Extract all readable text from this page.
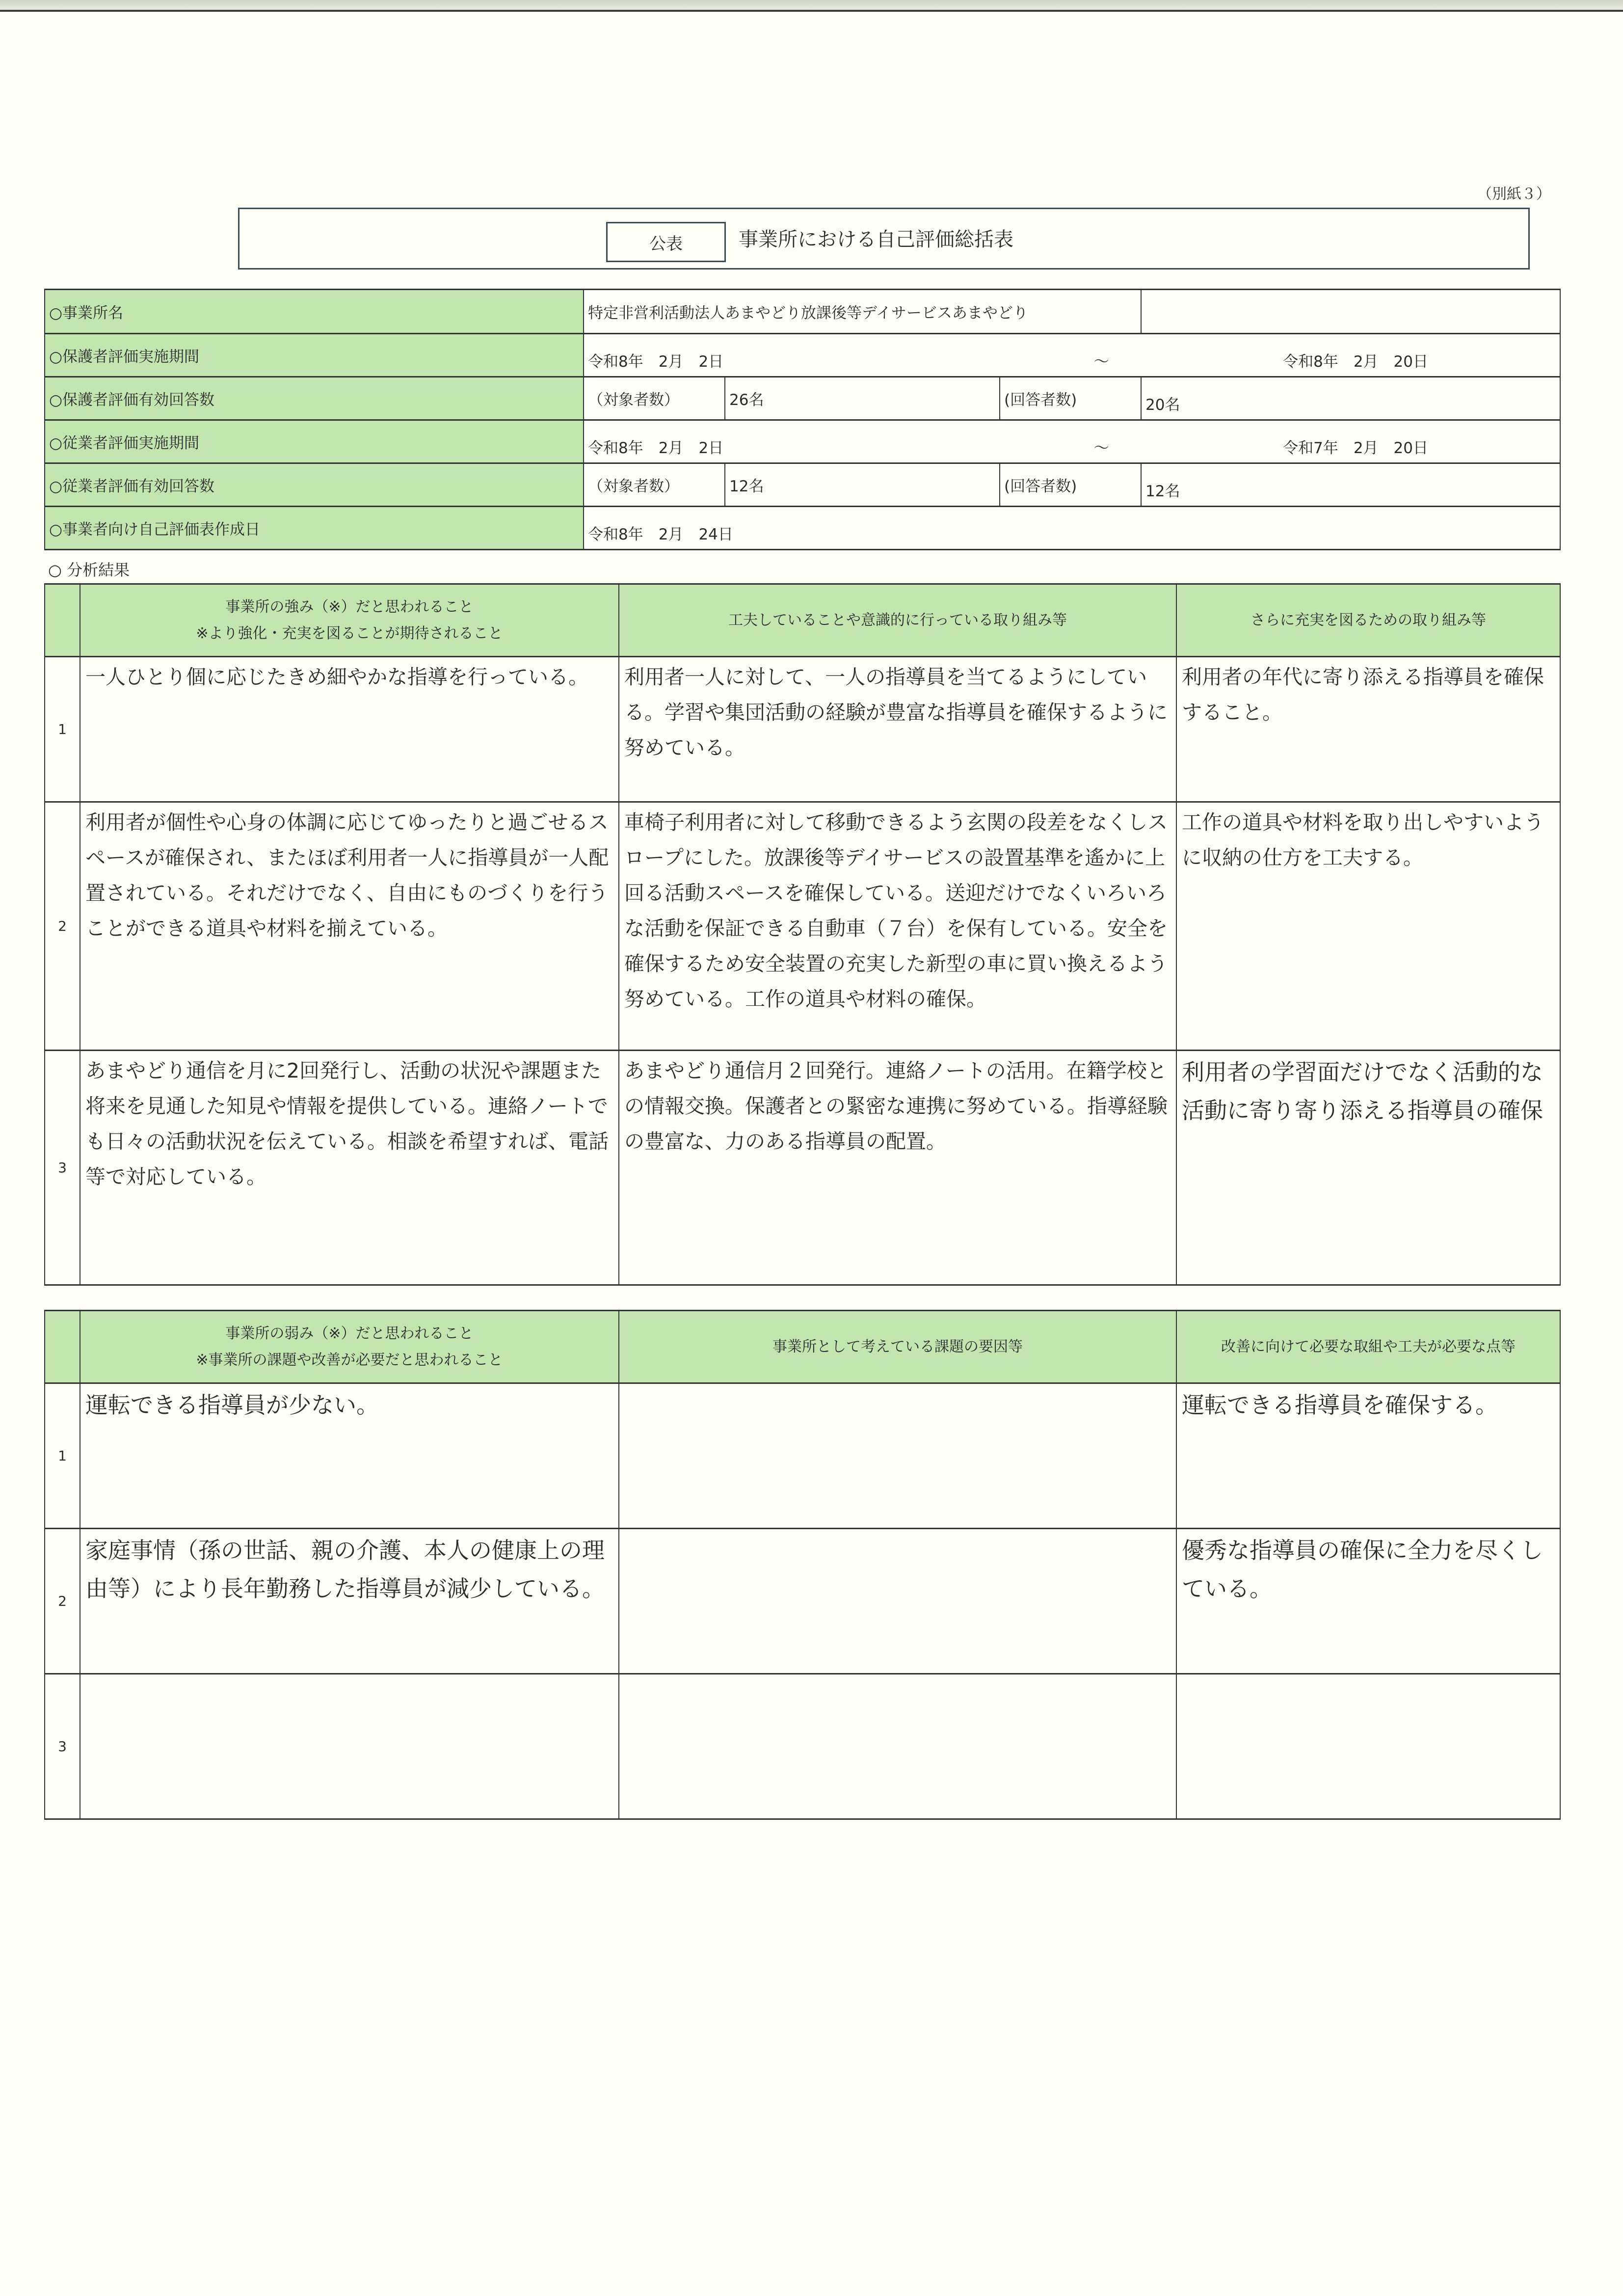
（別紙３）
公表	事業所における自己評価総括表
○事業所名	特定非営利活動法人あまやどり放課後等デイサービスあまやどり			
○保護者評価実施期間	令和8年　2月　2日 ～ 令和8年　2月　20日			

○保護者評価有効回答数	（対象者数）	26名	(回答者数)	20名
○従業者評価実施期間	令和8年　2月　2日 ～ 令和7年　2月　20日			

○従業者評価有効回答数	（対象者数）	12名	(回答者数)	12名
○事業者向け自己評価表作成日	令和8年　2月　24日			
○ 分析結果

	事業所の強み（※）だと思われること
※より強化・充実を図ることが期待されること	工夫していることや意識的に行っている取り組み等	さらに充実を図るための取り組み等
1	一人ひとり個に応じたきめ細やかな指導を行っている。	利用者一人に対して、一人の指導員を当てるようにしている。学習や集団活動の経験が豊富な指導員を確保するように努めている。	利用者の年代に寄り添える指導員を確保すること。
2	利用者が個性や心身の体調に応じてゆったりと過ごせるスペースが確保され、またほぼ利用者一人に指導員が一人配置されている。それだけでなく、自由にものづくりを行うことができる道具や材料を揃えている。	車椅子利用者に対して移動できるよう玄関の段差をなくしスロープにした。放課後等デイサービスの設置基準を遙かに上回る活動スペースを確保している。送迎だけでなくいろいろな活動を保証できる自動車（７台）を保有している。安全を確保するため安全装置の充実した新型の車に買い換えるよう努めている。工作の道具や材料の確保。	工作の道具や材料を取り出しやすいように収納の仕方を工夫する。
3	あまやどり通信を月に2回発行し、活動の状況や課題また将来を見通した知見や情報を提供している。連絡ノートでも日々の活動状況を伝えている。相談を希望すれば、電話等で対応している。	あまやどり通信月２回発行。連絡ノートの活用。在籍学校との情報交換。保護者との緊密な連携に努めている。指導経験の豊富な、力のある指導員の配置。	利用者の学習面だけでなく活動的な活動に寄り寄り添える指導員の確保

	事業所の弱み（※）だと思われること
※事業所の課題や改善が必要だと思われること	事業所として考えている課題の要因等	改善に向けて必要な取組や工夫が必要な点等
1	運転できる指導員が少ない。		運転できる指導員を確保する。
2	家庭事情（孫の世話、親の介護、本人の健康上の理由等）により長年勤務した指導員が減少している。		優秀な指導員の確保に全力を尽くしている。
3			
